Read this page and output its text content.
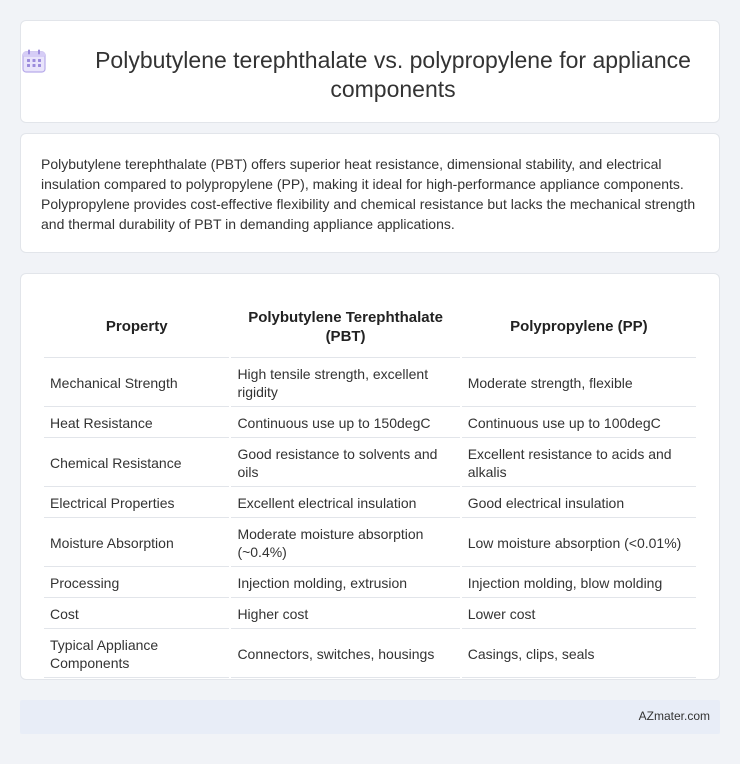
Polybutylene terephthalate vs. polypropylene for appliance components

Polybutylene terephthalate (PBT) offers superior heat resistance, dimensional stability, and electrical insulation compared to polypropylene (PP), making it ideal for high-performance appliance components. Polypropylene provides cost-effective flexibility and chemical resistance but lacks the mechanical strength and thermal durability of PBT in demanding appliance applications.

Property	Polybutylene Terephthalate (PBT)	Polypropylene (PP)
Mechanical Strength	High tensile strength, excellent rigidity	Moderate strength, flexible
Heat Resistance	Continuous use up to 150degC	Continuous use up to 100degC
Chemical Resistance	Good resistance to solvents and oils	Excellent resistance to acids and alkalis
Electrical Properties	Excellent electrical insulation	Good electrical insulation
Moisture Absorption	Moderate moisture absorption (~0.4%)	Low moisture absorption (<0.01%)
Processing	Injection molding, extrusion	Injection molding, blow molding
Cost	Higher cost	Lower cost
Typical Appliance Components	Connectors, switches, housings	Casings, clips, seals
AZmater.com
